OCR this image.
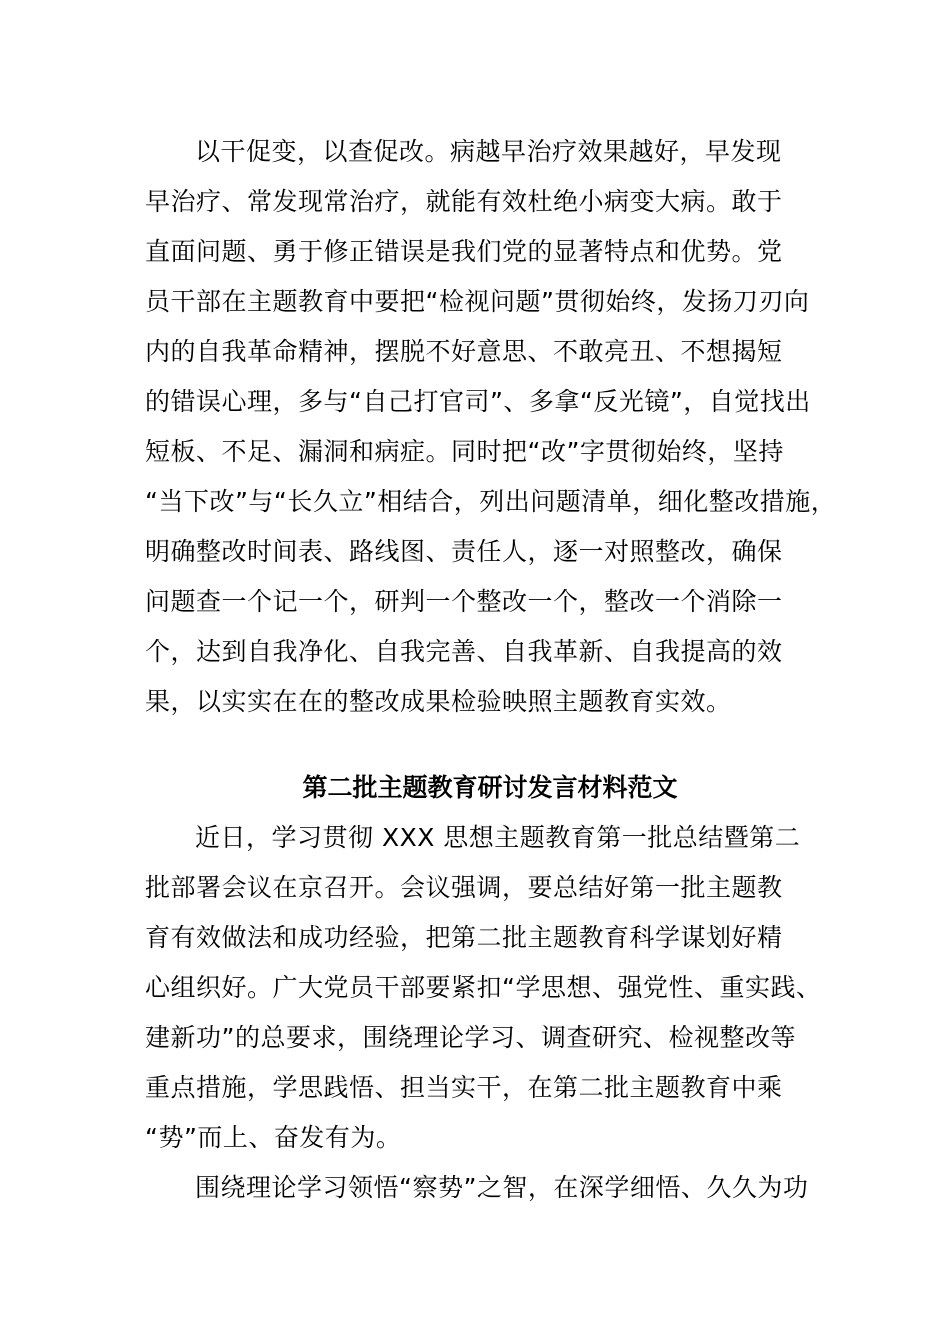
以干促变，以查促改。病越早治疗效果越好，早发现
早治疗、常发现常治疗，就能有效杜绝小病变大病。敢于
直面问题、勇于修正错误是我们党的显著特点和优势。党
员干部在主题教育中要把“检视问题”贯彻始终，发扬刀刃向
内的自我革命精神，摆脱不好意思、不敢亮丑、不想揭短
的错误心理，多与“自己打官司”、多拿“反光镜”，自觉找出
短板、不足、漏洞和病症。同时把“改”字贯彻始终，坚持
“当下改”与“长久立”相结合，列出问题清单，细化整改措施，
明确整改时间表、路线图、责任人，逐一对照整改，确保
问题查一个记一个，研判一个整改一个，整改一个消除一
个，达到自我净化、自我完善、自我革新、自我提高的效
果，以实实在在的整改成果检验映照主题教育实效。
第二批主题教育研讨发言材料范文
近日，学习贯彻 XXX 思想主题教育第一批总结暨第二
批部署会议在京召开。会议强调，要总结好第一批主题教
育有效做法和成功经验，把第二批主题教育科学谋划好精
心组织好。广大党员干部要紧扣“学思想、强党性、重实践、
建新功”的总要求，围绕理论学习、调查研究、检视整改等
重点措施，学思践悟、担当实干，在第二批主题教育中乘
“势”而上、奋发有为。
围绕理论学习领悟“察势”之智，在深学细悟、久久为功
